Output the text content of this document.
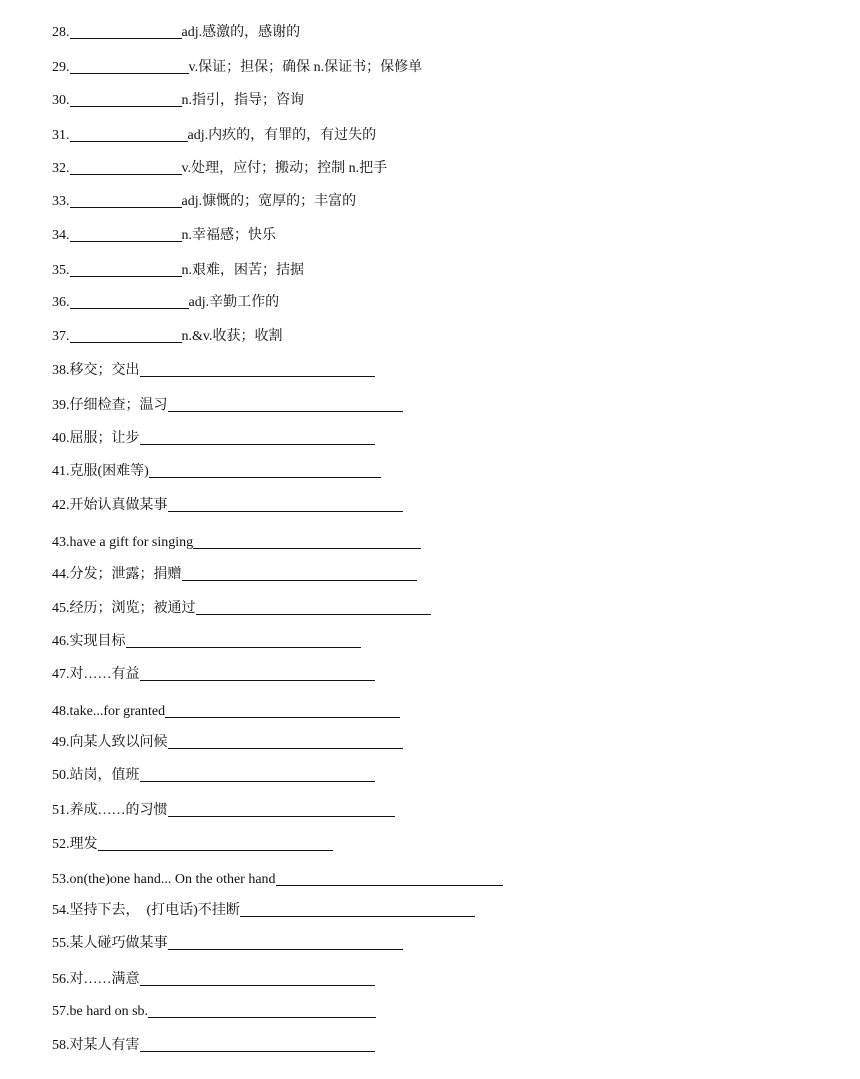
28.	adj.感激的，感谢的
29.	v.保证；担保；确保 n.保证书；保修单
30.	n.指引，指导；咨询
31.	adj.内疚的，有罪的，有过失的
32.	v.处理，应付；搬动；控制 n.把手
33.	adj.慷慨的；宽厚的；丰富的
34.	n.幸福感；快乐
35.	n.艰难，困苦；拮据
36.	adj.辛勤工作的
37.	n.&v.收获；收割
38. 移交；交出
39. 仔细检查；温习
40. 屈服；让步
41. 克服(困难等)
42. 开始认真做某事
43. have a gift for singing
44. 分发；泄露；捐赠
45. 经历；浏览；被通过
46. 实现目标
47. 对……有益
48. take...for granted
49. 向某人致以问候
50. 站岗，值班
51. 养成……的习惯
52. 理发
53. on(the)one hand... On the other hand
54. 坚持下去，  (打电话)不挂断
55. 某人碰巧做某事
56. 对……满意
57. be hard on sb.
58. 对某人有害
